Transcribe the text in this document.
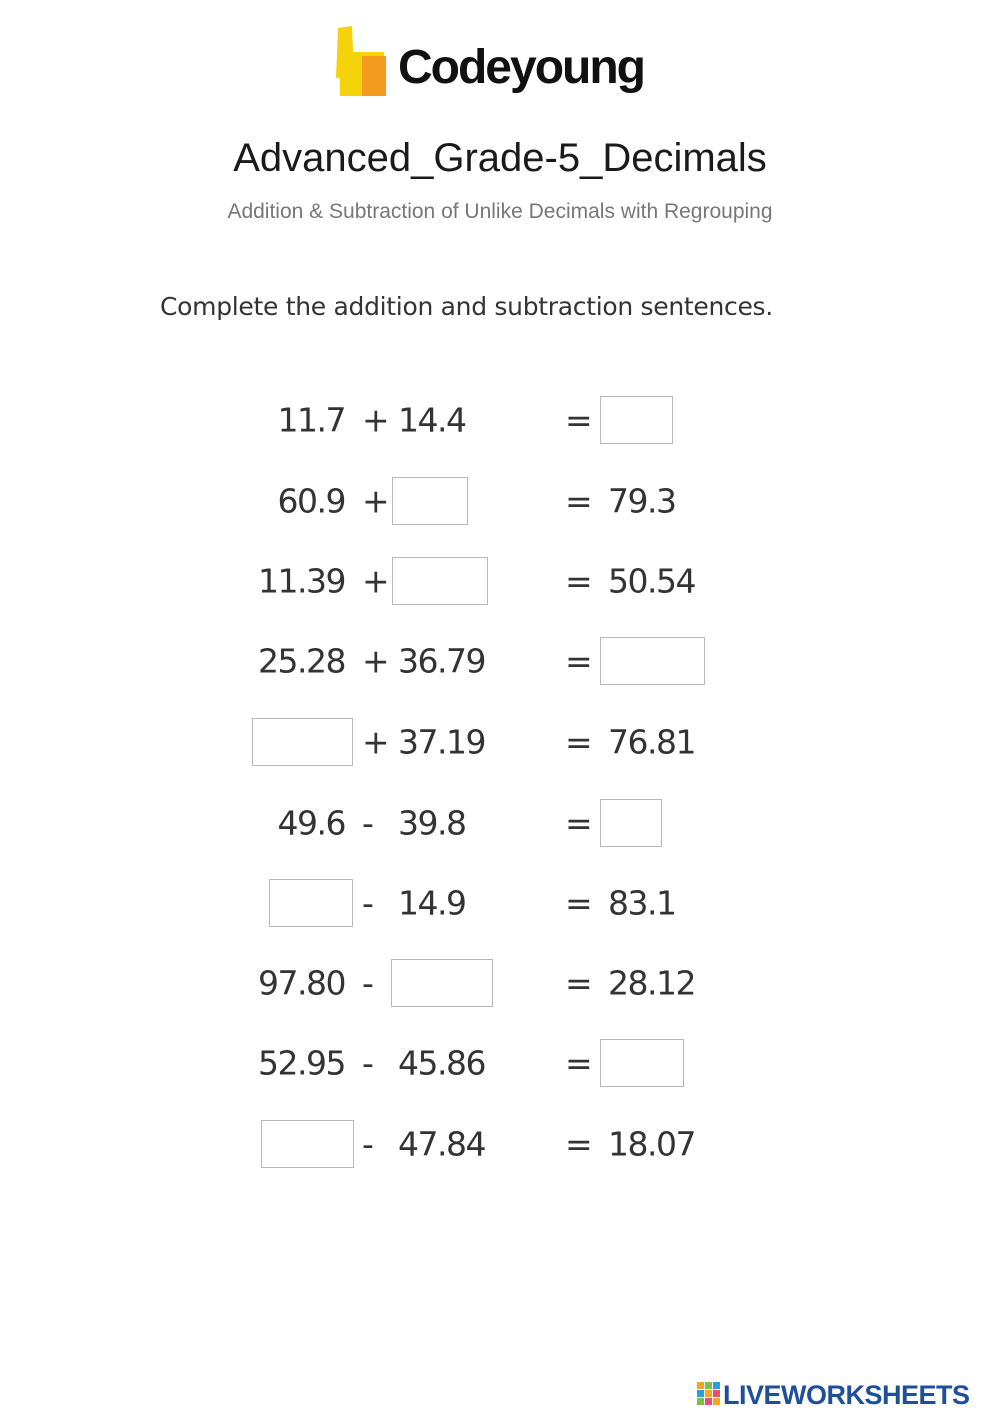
Codeyoung
Advanced_Grade-5_Decimals
Addition & Subtraction of Unlike Decimals with Regrouping
Complete the addition and subtraction sentences.
11.7 + 14.4	=
60.9 +	= 79.3
11.39 +	= 50.54
25.28 + 36.79 =
+ 37.19 = 76.81
49.6 - 39.8	=
- 14.9	= 83.1
97.80 -	= 28.12
52.95 - 45.86 =
- 47.84 = 18.07
LIVEWORKSHEETS
